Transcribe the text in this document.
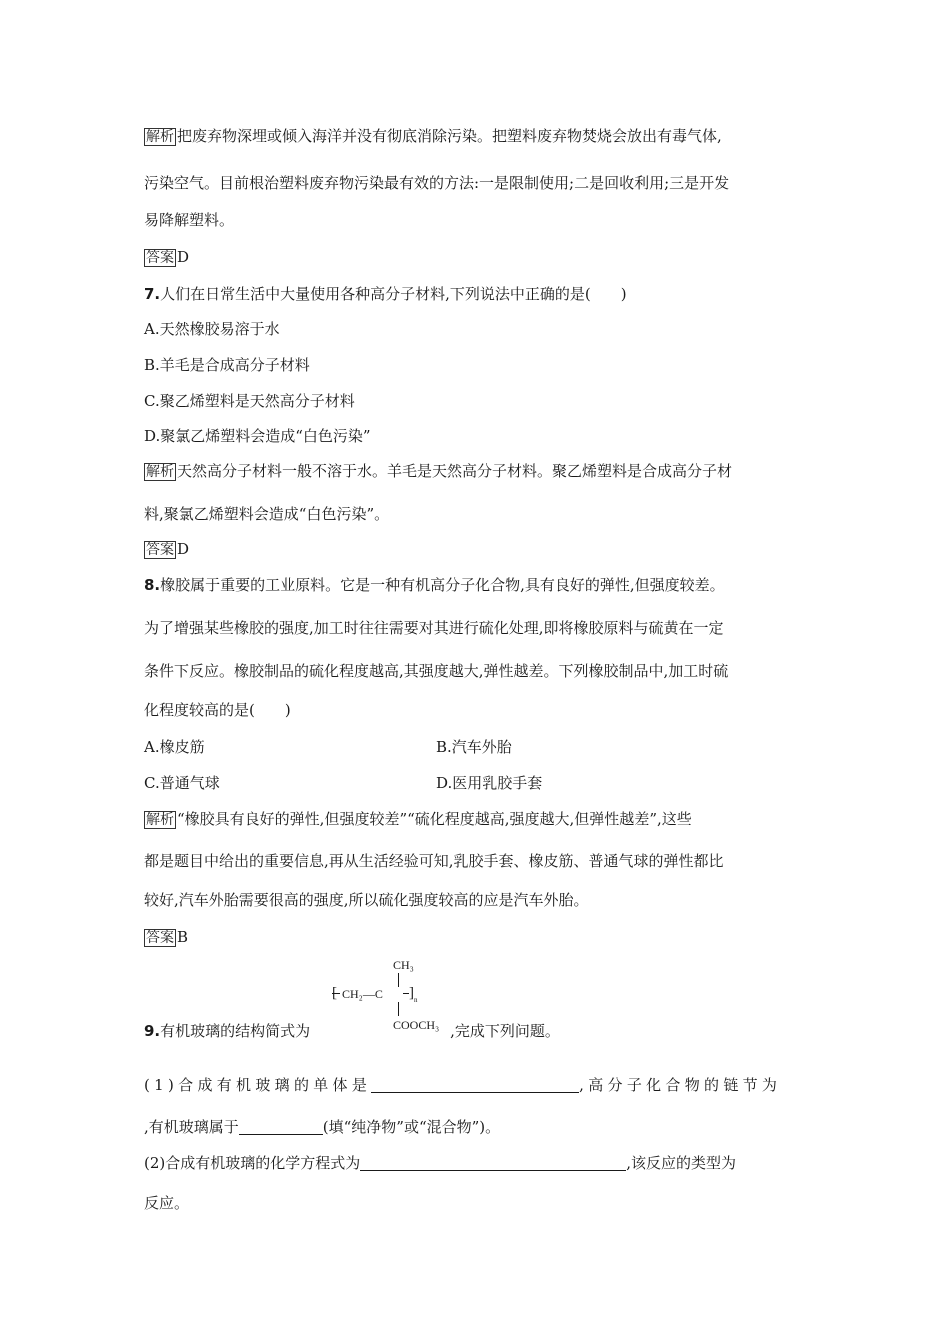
解析 把废弃物深埋或倾入海洋并没有彻底消除污染。把塑料废弃物焚烧会放出有毒气体,
污染空气。目前根治塑料废弃物污染最有效的方法:一是限制使用;二是回收利用;三是开发
易降解塑料。
答案 D
7.人们在日常生活中大量使用各种高分子材料,下列说法中正确的是( )
A.天然橡胶易溶于水
B.羊毛是合成高分子材料
C.聚乙烯塑料是天然高分子材料
D.聚氯乙烯塑料会造成“白色污染”
解析 天然高分子材料一般不溶于水。羊毛是天然高分子材料。聚乙烯塑料是合成高分子材
料,聚氯乙烯塑料会造成“白色污染”。
答案 D
8.橡胶属于重要的工业原料。它是一种有机高分子化合物,具有良好的弹性,但强度较差。
为了增强某些橡胶的强度,加工时往往需要对其进行硫化处理,即将橡胶原料与硫黄在一定
条件下反应。橡胶制品的硫化程度越高,其强度越大,弹性越差。下列橡胶制品中,加工时硫
化程度较高的是( )
A.橡皮筋	B.汽车外胎
C.普通气球	D.医用乳胶手套
解析 “橡胶具有良好的弹性,但强度较差”“硫化程度越高,强度越大,但弹性越差”,这些
都是题目中给出的重要信息,再从生活经验可知,乳胶手套、橡皮筋、普通气球的弹性都比
较好,汽车外胎需要很高的强度,所以硫化强度较高的应是汽车外胎。
答案 B
CH₃
CH₂—C ] n
COOCH₃
9.有机玻璃的结构简式为	,完成下列问题。
(1)合成有机玻璃的单体是	,高分子化合物的链节为
,有机玻璃属于	(填“纯净物”或“混合物”)。
(2)合成有机玻璃的化学方程式为	,该反应的类型为
反应。
